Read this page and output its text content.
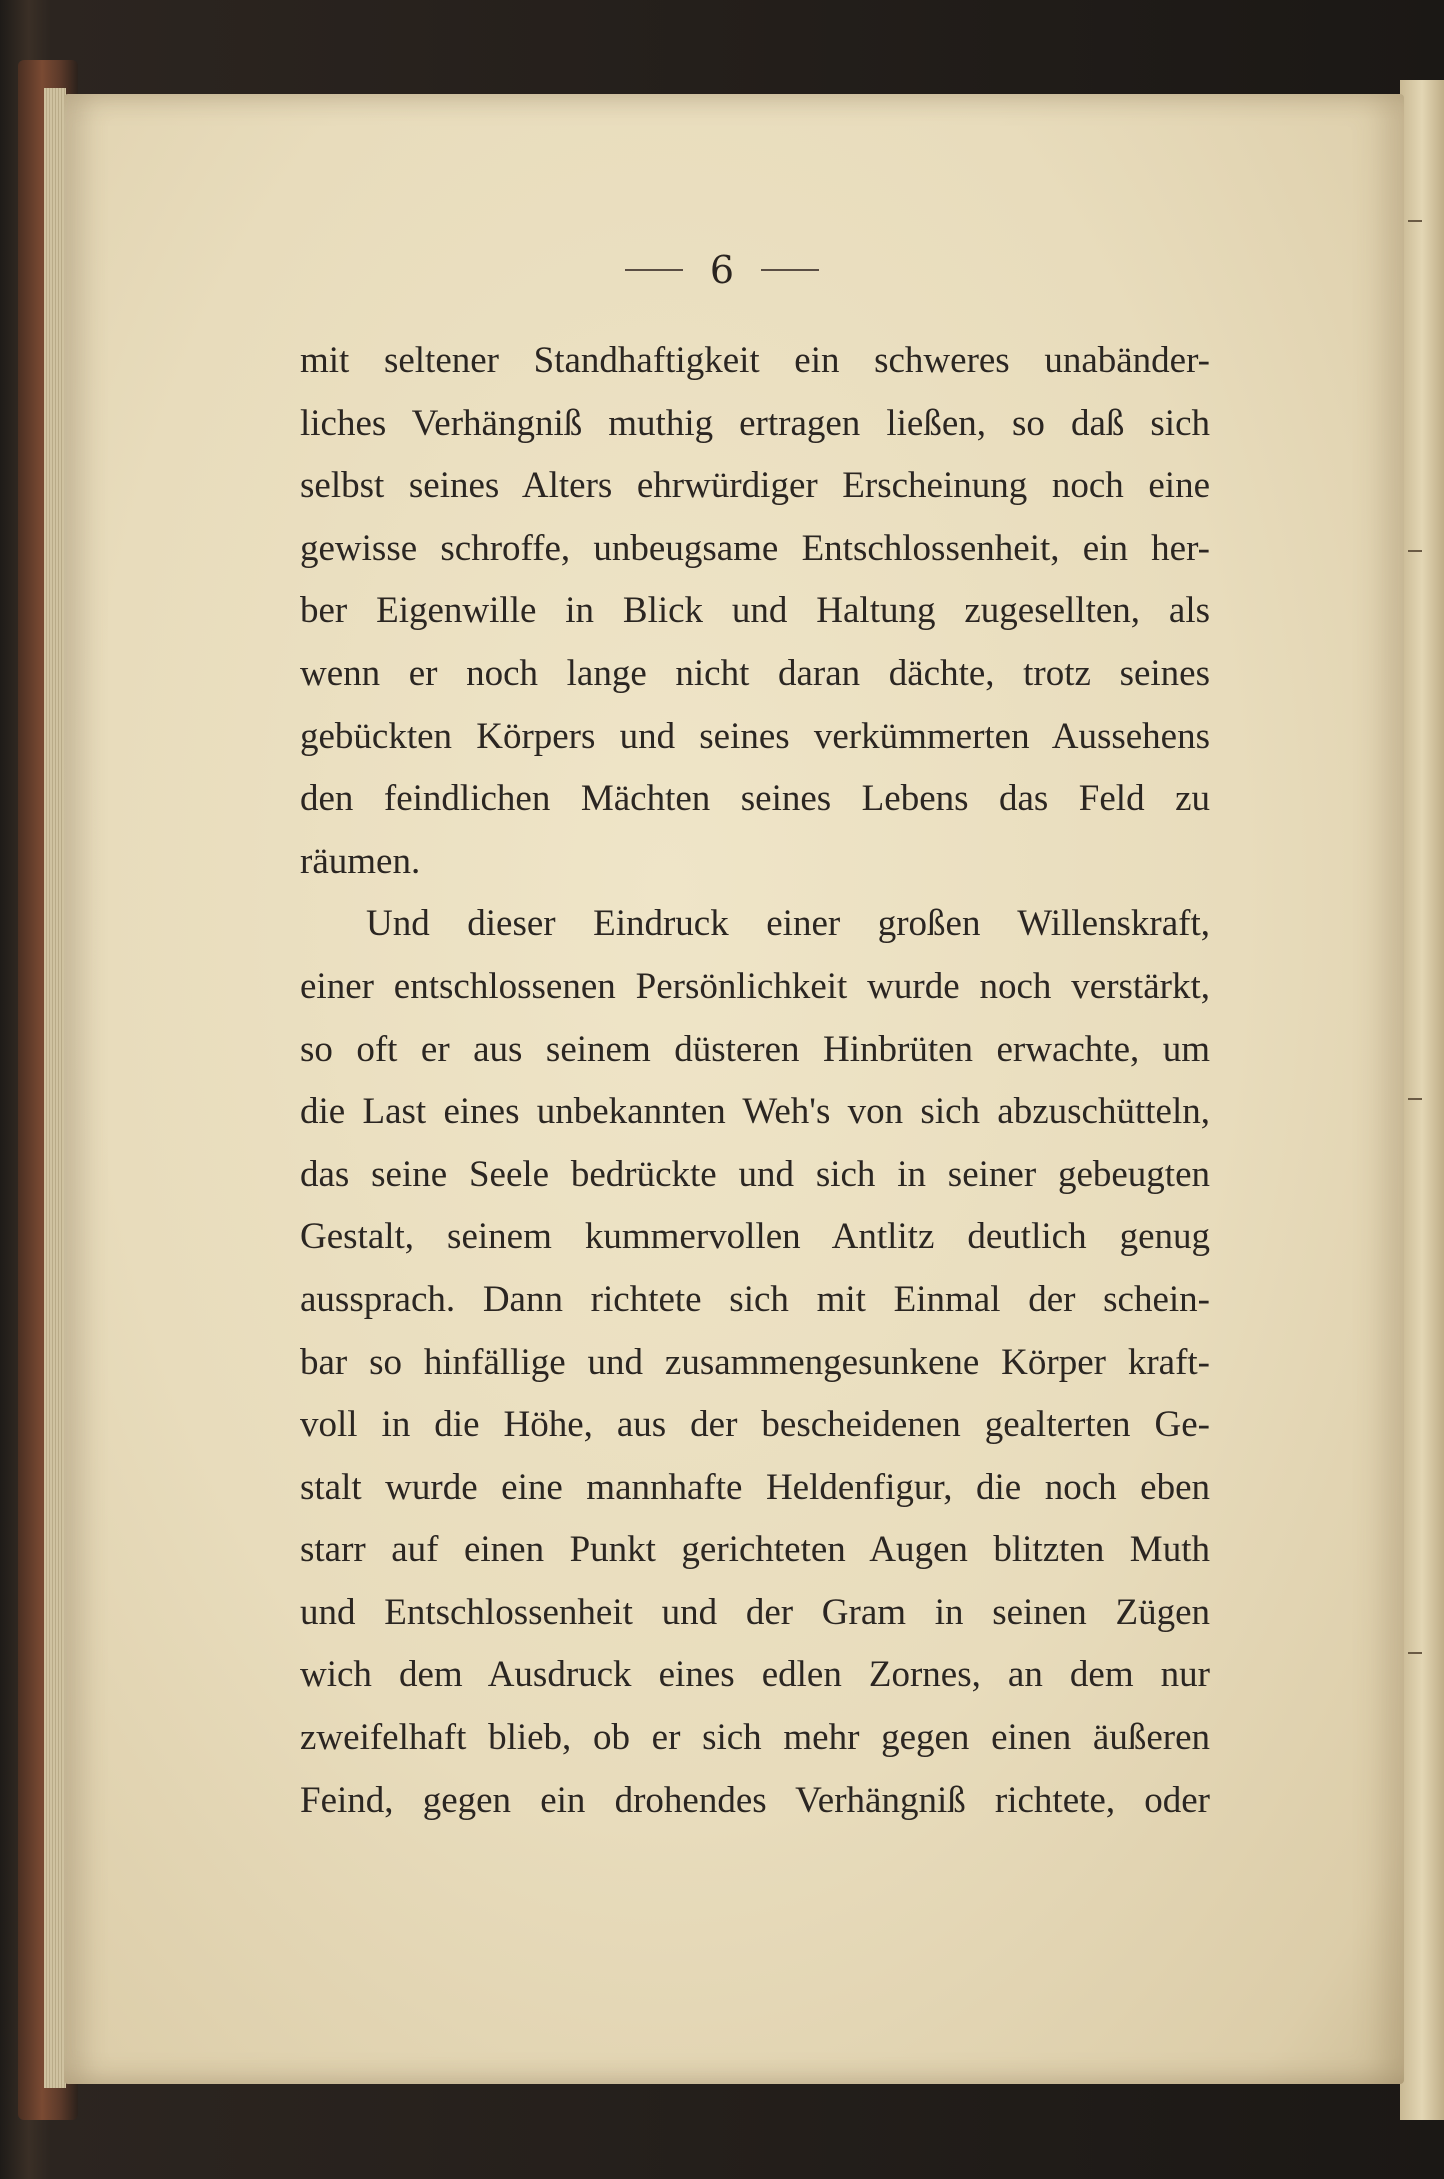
6
mit seltener Standhaftigkeit ein schweres unabänder-
liches Verhängniß muthig ertragen ließen, so daß sich
selbst seines Alters ehrwürdiger Erscheinung noch eine
gewisse schroffe, unbeugsame Entschlossenheit, ein her-
ber Eigenwille in Blick und Haltung zugesellten, als
wenn er noch lange nicht daran dächte, trotz seines
gebückten Körpers und seines verkümmerten Aussehens
den feindlichen Mächten seines Lebens das Feld zu
räumen.
Und dieser Eindruck einer großen Willenskraft,
einer entschlossenen Persönlichkeit wurde noch verstärkt,
so oft er aus seinem düsteren Hinbrüten erwachte, um
die Last eines unbekannten Weh's von sich abzuschütteln,
das seine Seele bedrückte und sich in seiner gebeugten
Gestalt, seinem kummervollen Antlitz deutlich genug
aussprach. Dann richtete sich mit Einmal der schein-
bar so hinfällige und zusammengesunkene Körper kraft-
voll in die Höhe, aus der bescheidenen gealterten Ge-
stalt wurde eine mannhafte Heldenfigur, die noch eben
starr auf einen Punkt gerichteten Augen blitzten Muth
und Entschlossenheit und der Gram in seinen Zügen
wich dem Ausdruck eines edlen Zornes, an dem nur
zweifelhaft blieb, ob er sich mehr gegen einen äußeren
Feind, gegen ein drohendes Verhängniß richtete, oder
